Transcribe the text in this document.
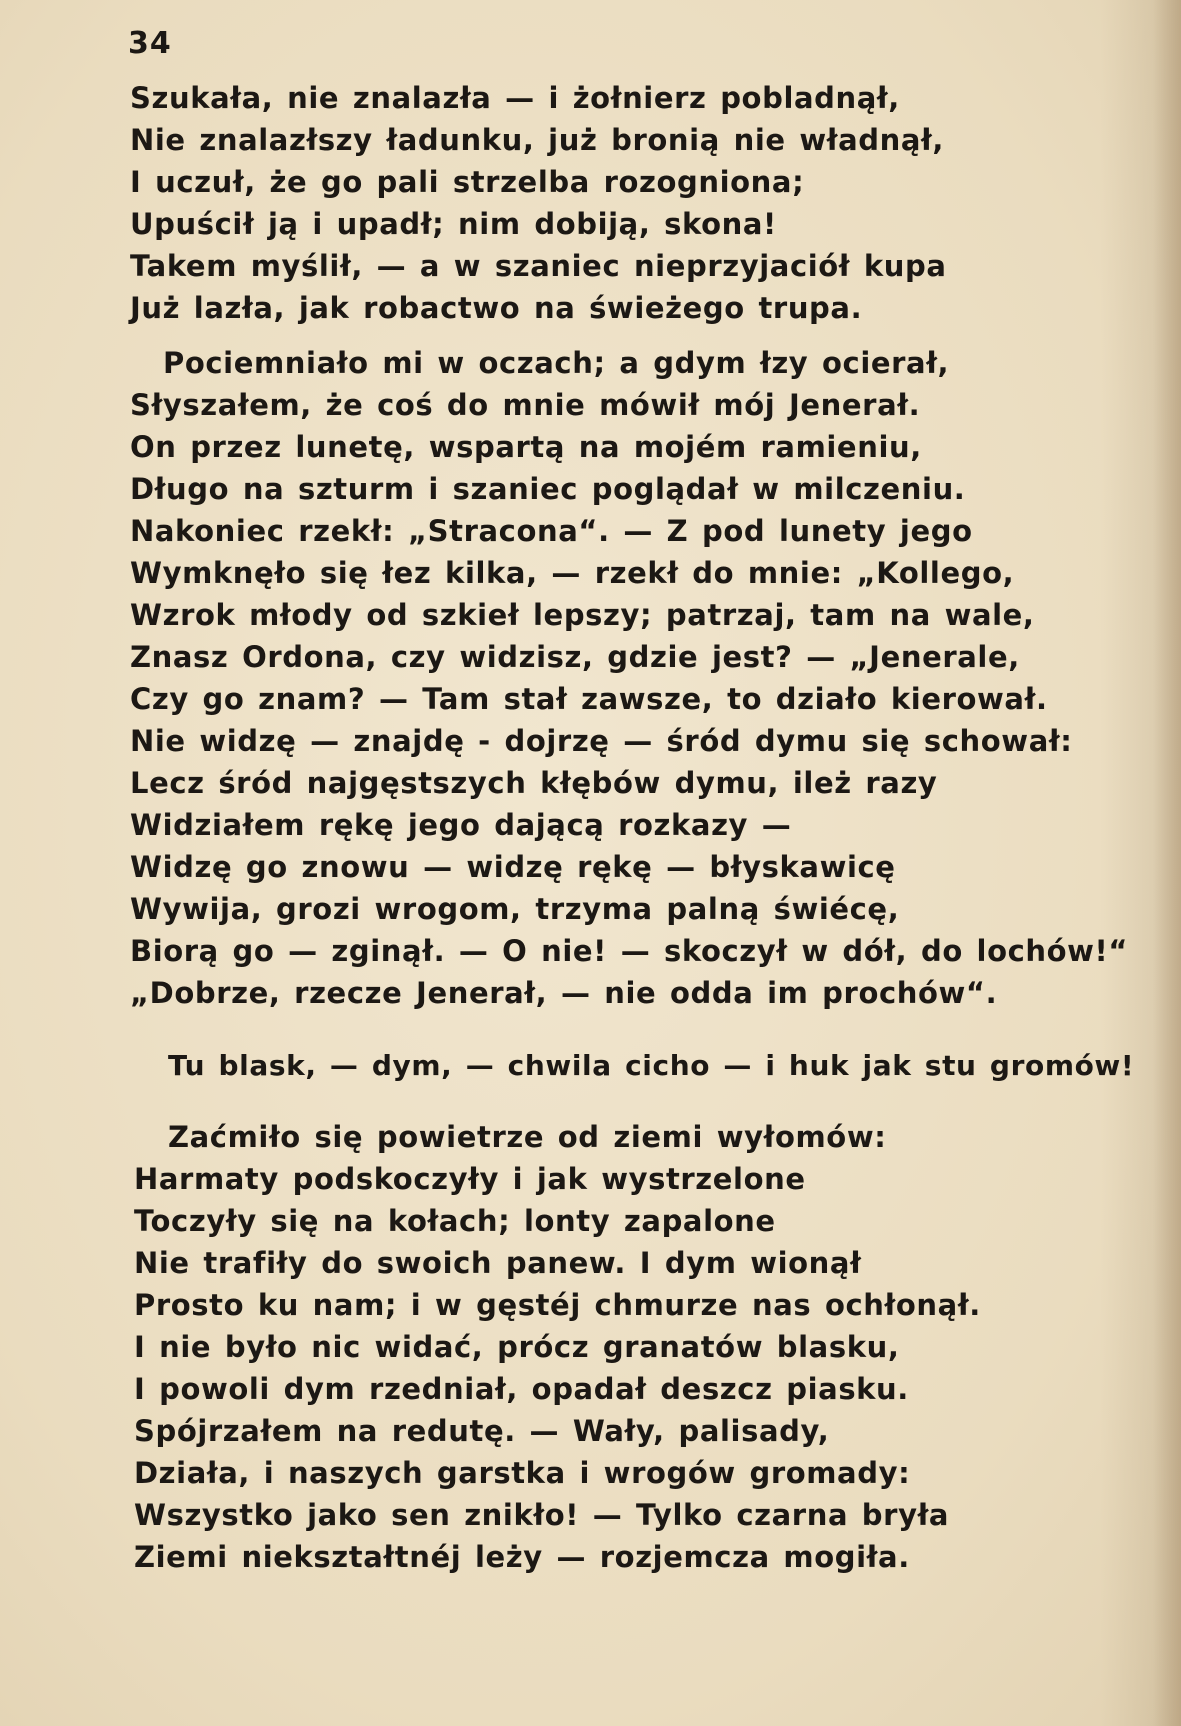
34
Szukała, nie znalazła — i żołnierz pobladnął,
Nie znalazłszy ładunku, już bronią nie władnął,
I uczuł, że go pali strzelba rozogniona;
Upuścił ją i upadł; nim dobiją, skona!
Takem myślił, — a w szaniec nieprzyjaciół kupa
Już lazła, jak robactwo na świeżego trupa.
Pociemniało mi w oczach; a gdym łzy ocierał,
Słyszałem, że coś do mnie mówił mój Jenerał.
On przez lunetę, wspartą na mojém ramieniu,
Długo na szturm i szaniec poglądał w milczeniu.
Nakoniec rzekł: „Stracona“. — Z pod lunety jego
Wymknęło się łez kilka, — rzekł do mnie: „Kollego,
Wzrok młody od szkieł lepszy; patrzaj, tam na wale,
Znasz Ordona, czy widzisz, gdzie jest? — „Jenerale,
Czy go znam? — Tam stał zawsze, to działo kierował.
Nie widzę — znajdę - dojrzę — śród dymu się schował:
Lecz śród najgęstszych kłębów dymu, ileż razy
Widziałem rękę jego dającą rozkazy —
Widzę go znowu — widzę rękę — błyskawicę
Wywija, grozi wrogom, trzyma palną świécę,
Biorą go — zginął. — O nie! — skoczył w dół, do lochów!“
„Dobrze, rzecze Jenerał, — nie odda im prochów“.
Tu blask, — dym, — chwila cicho — i huk jak stu gromów!
Zaćmiło się powietrze od ziemi wyłomów:
Harmaty podskoczyły i jak wystrzelone
Toczyły się na kołach; lonty zapalone
Nie trafiły do swoich panew. I dym wionął
Prosto ku nam; i w gęstéj chmurze nas ochłonął.
I nie było nic widać, prócz granatów blasku,
I powoli dym rzedniał, opadał deszcz piasku.
Spójrzałem na redutę. — Wały, palisady,
Działa, i naszych garstka i wrogów gromady:
Wszystko jako sen znikło! — Tylko czarna bryła
Ziemi niekształtnéj leży — rozjemcza mogiła.
